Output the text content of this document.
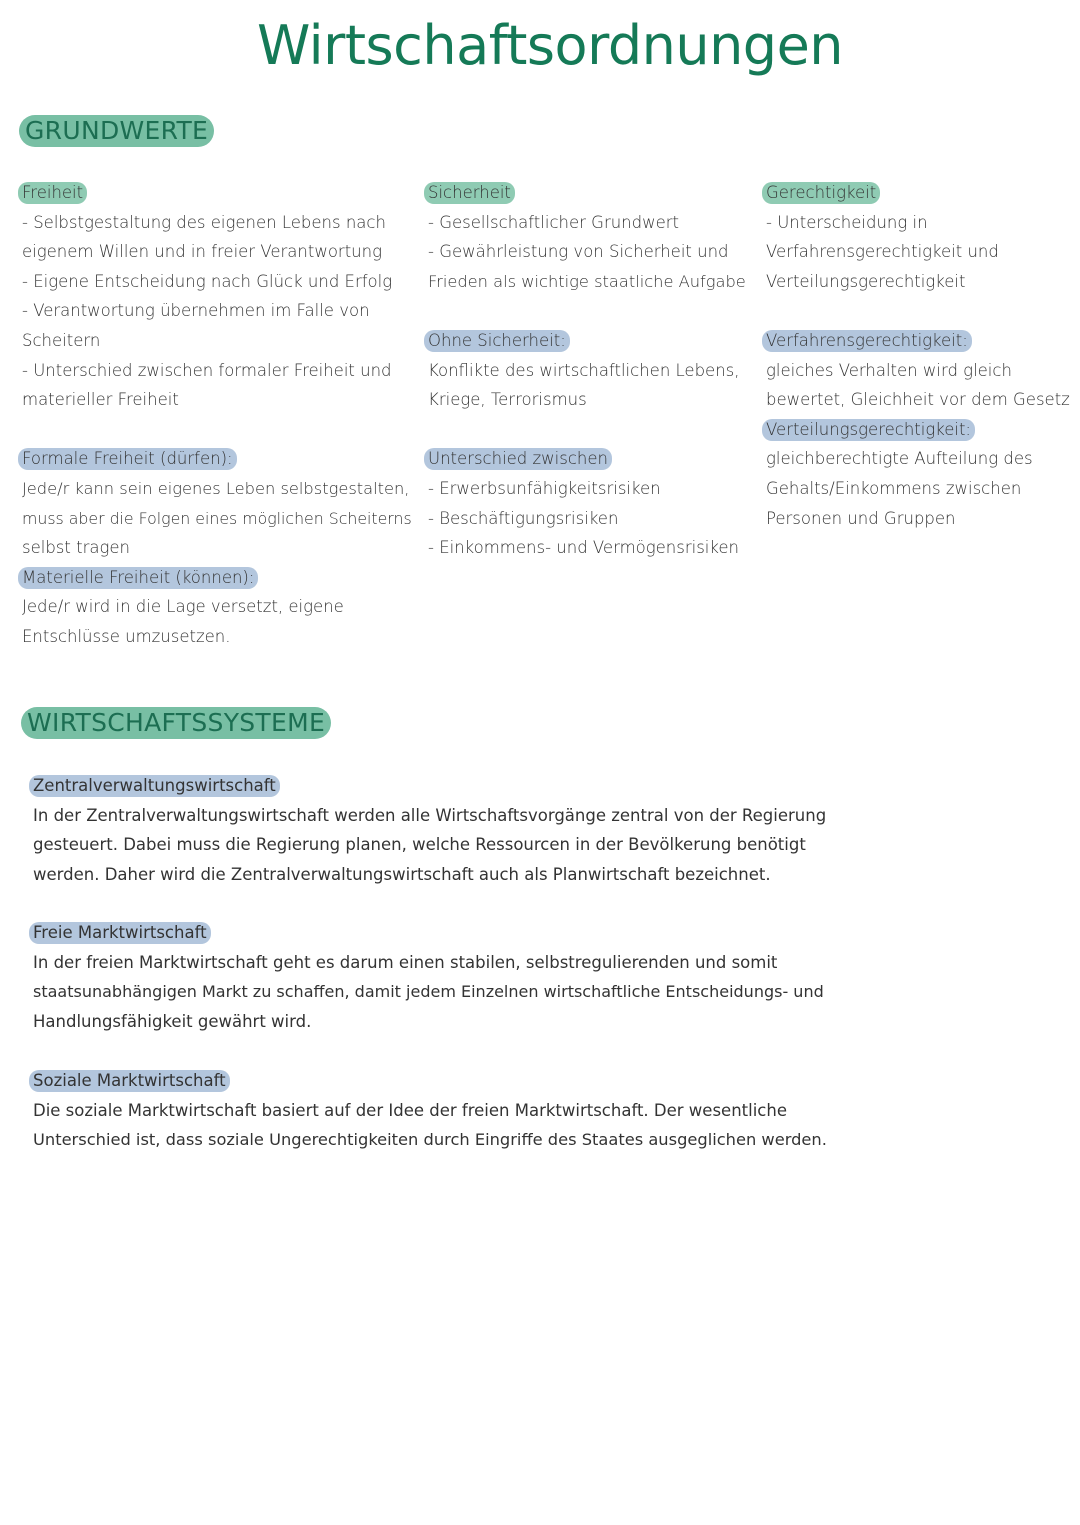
Wirtschaftsordnungen
GRUNDWERTE
Freiheit
- Selbstgestaltung des eigenen Lebens nach
eigenem Willen und in freier Verantwortung
- Eigene Entscheidung nach Glück und Erfolg
- Verantwortung übernehmen im Falle von
Scheitern
- Unterschied zwischen formaler Freiheit und
materieller Freiheit
Formale Freiheit (dürfen):
Jede/r kann sein eigenes Leben selbstgestalten,
muss aber die Folgen eines möglichen Scheiterns
selbst tragen
Materielle Freiheit (können):
Jede/r wird in die Lage versetzt, eigene
Entschlüsse umzusetzen.
Sicherheit
- Gesellschaftlicher Grundwert
- Gewährleistung von Sicherheit und
Frieden als wichtige staatliche Aufgabe
Ohne Sicherheit:
Konflikte des wirtschaftlichen Lebens,
Kriege, Terrorismus
Unterschied zwischen
- Erwerbsunfähigkeitsrisiken
- Beschäftigungsrisiken
- Einkommens- und Vermögensrisiken
Gerechtigkeit
- Unterscheidung in
Verfahrensgerechtigkeit und
Verteilungsgerechtigkeit
Verfahrensgerechtigkeit:
gleiches Verhalten wird gleich
bewertet, Gleichheit vor dem Gesetz
Verteilungsgerechtigkeit:
gleichberechtigte Aufteilung des
Gehalts/Einkommens zwischen
Personen und Gruppen
WIRTSCHAFTSSYSTEME
Zentralverwaltungswirtschaft
In der Zentralverwaltungswirtschaft werden alle Wirtschaftsvorgänge zentral von der Regierung
gesteuert. Dabei muss die Regierung planen, welche Ressourcen in der Bevölkerung benötigt
werden. Daher wird die Zentralverwaltungswirtschaft auch als Planwirtschaft bezeichnet.
Freie Marktwirtschaft
In der freien Marktwirtschaft geht es darum einen stabilen, selbstregulierenden und somit
staatsunabhängigen Markt zu schaffen, damit jedem Einzelnen wirtschaftliche Entscheidungs- und
Handlungsfähigkeit gewährt wird.
Soziale Marktwirtschaft
Die soziale Marktwirtschaft basiert auf der Idee der freien Marktwirtschaft. Der wesentliche
Unterschied ist, dass soziale Ungerechtigkeiten durch Eingriffe des Staates ausgeglichen werden.
